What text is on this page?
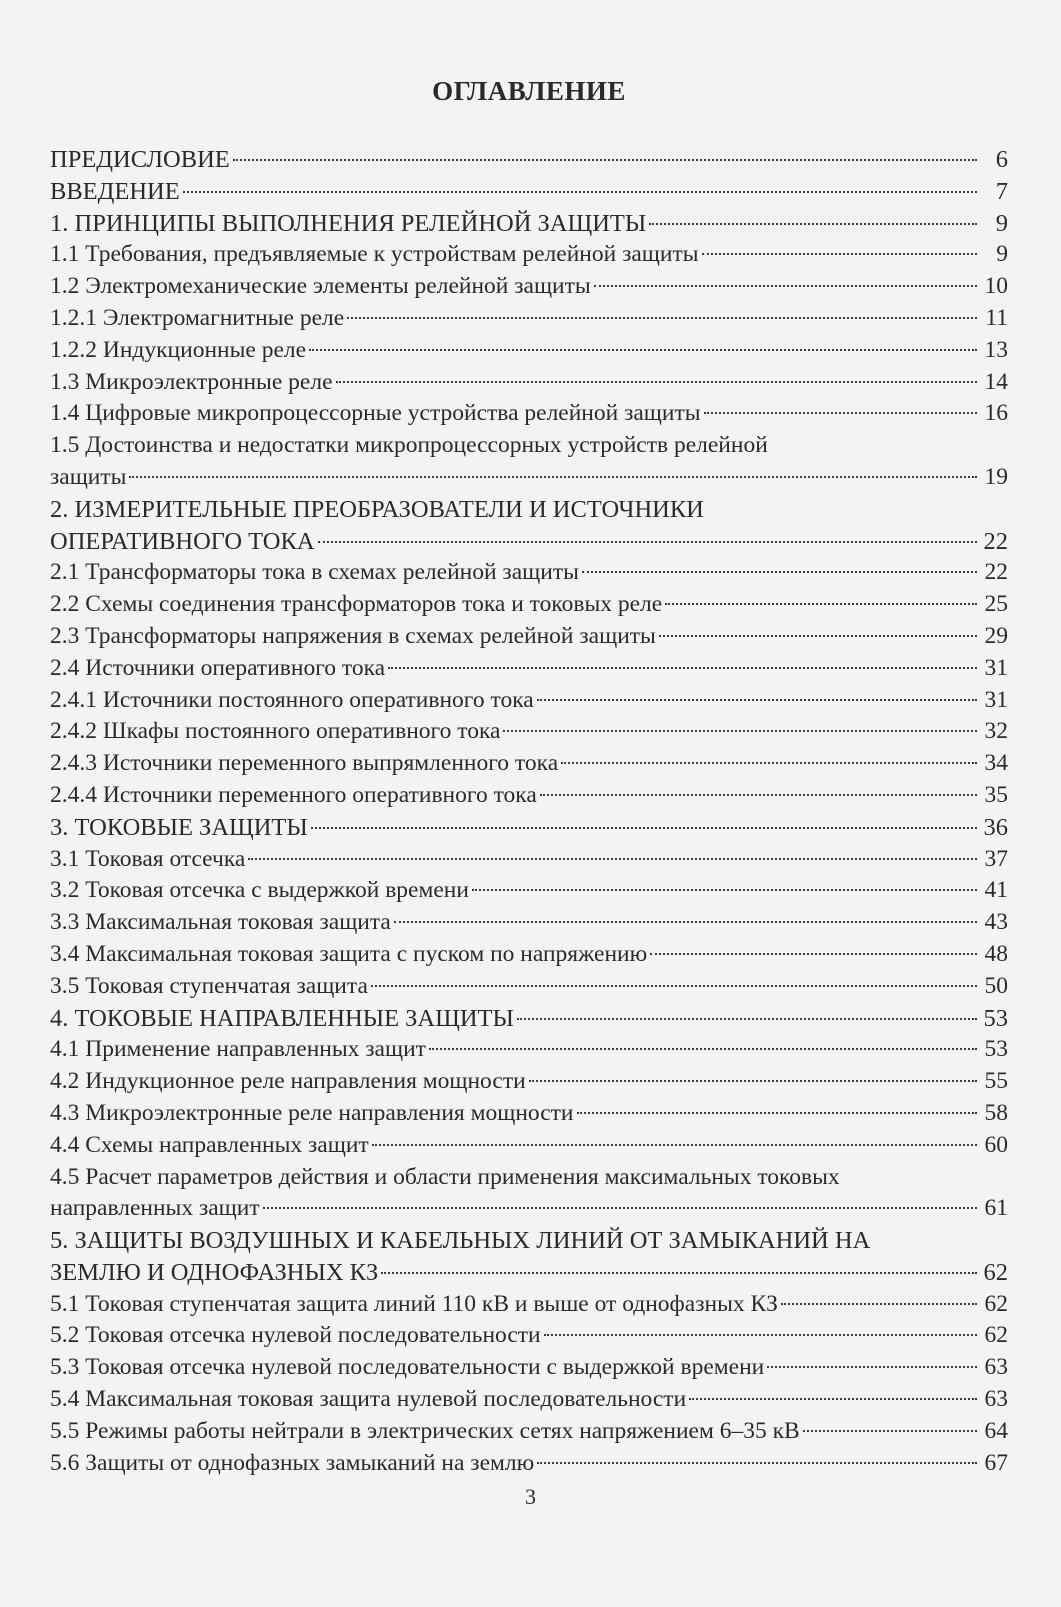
ОГЛАВЛЕНИЕ
ПРЕДИСЛОВИЕ	6
ВВЕДЕНИЕ	7
1. ПРИНЦИПЫ ВЫПОЛНЕНИЯ РЕЛЕЙНОЙ ЗАЩИТЫ	9
1.1 Требования, предъявляемые к устройствам релейной защиты	9
1.2 Электромеханические элементы релейной защиты	10
1.2.1 Электромагнитные реле	11
1.2.2 Индукционные реле	13
1.3 Микроэлектронные реле	14
1.4 Цифровые микропроцессорные устройства релейной защиты	16
1.5 Достоинства и недостатки микропроцессорных устройств релейной
защиты	19
2. ИЗМЕРИТЕЛЬНЫЕ ПРЕОБРАЗОВАТЕЛИ И ИСТОЧНИКИ
ОПЕРАТИВНОГО ТОКА	22
2.1 Трансформаторы тока в схемах релейной защиты	22
2.2 Схемы соединения трансформаторов тока и токовых реле	25
2.3 Трансформаторы напряжения в схемах релейной защиты	29
2.4 Источники оперативного тока	31
2.4.1 Источники постоянного оперативного тока	31
2.4.2 Шкафы постоянного оперативного тока	32
2.4.3 Источники переменного выпрямленного тока	34
2.4.4 Источники переменного оперативного тока	35
3. ТОКОВЫЕ ЗАЩИТЫ	36
3.1 Токовая отсечка	37
3.2 Токовая отсечка с выдержкой времени	41
3.3 Максимальная токовая защита	43
3.4 Максимальная токовая защита с пуском по напряжению	48
3.5 Токовая ступенчатая защита	50
4. ТОКОВЫЕ НАПРАВЛЕННЫЕ ЗАЩИТЫ	53
4.1 Применение направленных защит	53
4.2 Индукционное реле направления мощности	55
4.3 Микроэлектронные реле направления мощности	58
4.4 Схемы направленных защит	60
4.5 Расчет параметров действия и области применения максимальных токовых
направленных защит	61
5. ЗАЩИТЫ ВОЗДУШНЫХ И КАБЕЛЬНЫХ ЛИНИЙ ОТ ЗАМЫКАНИЙ НА
ЗЕМЛЮ И ОДНОФАЗНЫХ КЗ	62
5.1 Токовая ступенчатая защита линий 110 кВ и выше от однофазных КЗ	62
5.2 Токовая отсечка нулевой последовательности	62
5.3 Токовая отсечка нулевой последовательности с выдержкой времени	63
5.4 Максимальная токовая защита нулевой последовательности	63
5.5 Режимы работы нейтрали в электрических сетях напряжением 6–35 кВ	64
5.6 Защиты от однофазных замыканий на землю	67
3
